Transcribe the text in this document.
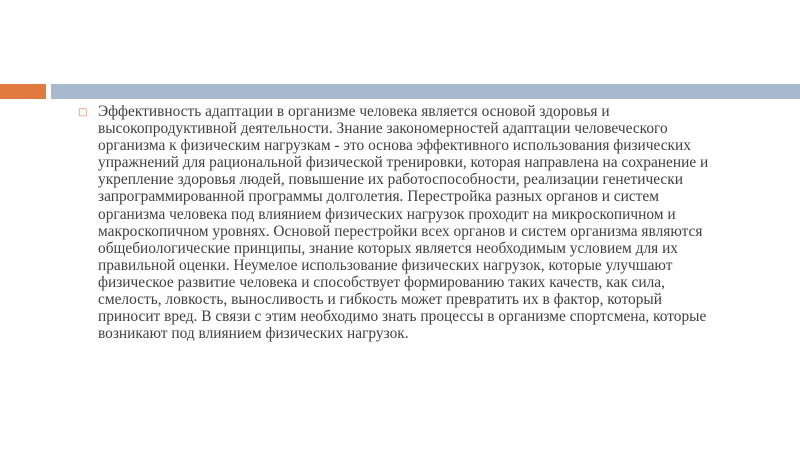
□ Эффективность адаптации в организме человека является основой здоровья и высокопродуктивной деятельности. Знание закономерностей адаптации человеческого организма к физическим нагрузкам - это основа эффективного использования физических упражнений для рациональной физической тренировки, которая направлена на сохранение и укрепление здоровья людей, повышение их работоспособности, реализации генетически запрограммированной программы долголетия. Перестройка разных органов и систем организма человека под влиянием физических нагрузок проходит на микроскопичном и макроскопичном уровнях. Основой перестройки всех органов и систем организма являются общебиологические принципы, знание которых является необходимым условием для их правильной оценки. Неумелое использование физических нагрузок, которые улучшают физическое развитие человека и способствует формированию таких качеств, как сила, смелость, ловкость, выносливость и гибкость может превратить их в фактор, который приносит вред. В связи с этим необходимо знать процессы в организме спортсмена, которые возникают под влиянием физических нагрузок.
